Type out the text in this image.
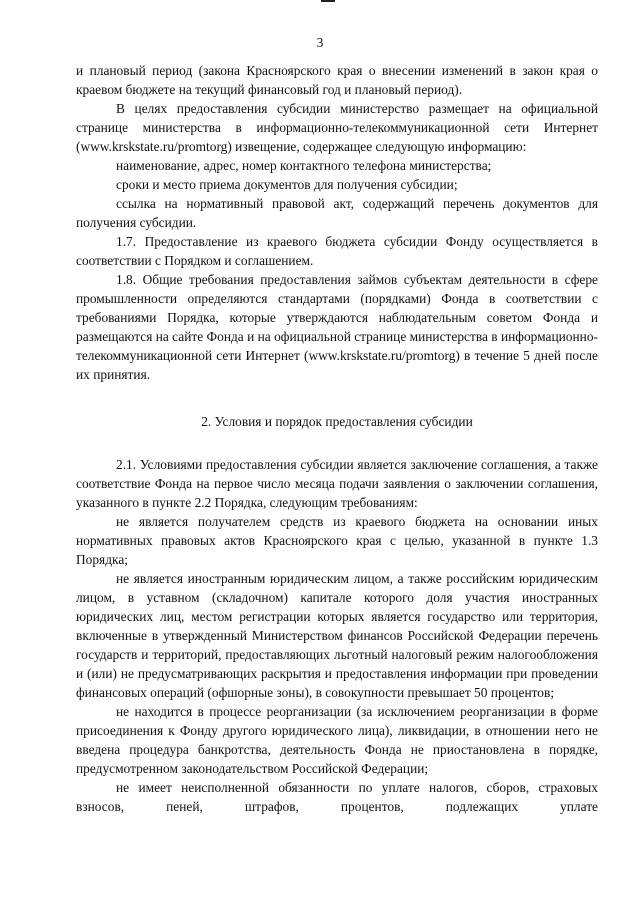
3

и плановый период (закона Красноярского края о внесении изменений в закон края о краевом бюджете на текущий финансовый год и плановый период).

В целях предоставления субсидии министерство размещает на официальной странице министерства в информационно-телекоммуникационной сети Интернет (www.krskstate.ru/promtorg) извещение, содержащее следующую информацию:

наименование, адрес, номер контактного телефона министерства;

сроки и место приема документов для получения субсидии;

ссылка на нормативный правовой акт, содержащий перечень документов для получения субсидии.

1.7. Предоставление из краевого бюджета субсидии Фонду осуществляется в соответствии с Порядком и соглашением.

1.8. Общие требования предоставления займов субъектам деятельности в сфере промышленности определяются стандартами (порядками) Фонда в соответствии с требованиями Порядка, которые утверждаются наблюдательным советом Фонда и размещаются на сайте Фонда и на официальной странице министерства в информационно-телекоммуникационной сети Интернет (www.krskstate.ru/promtorg) в течение 5 дней после их принятия.

2. Условия и порядок предоставления субсидии

2.1. Условиями предоставления субсидии является заключение соглашения, а также соответствие Фонда на первое число месяца подачи заявления о заключении соглашения, указанного в пункте 2.2 Порядка, следующим требованиям:

не является получателем средств из краевого бюджета на основании иных нормативных правовых актов Красноярского края с целью, указанной в пункте 1.3 Порядка;

не является иностранным юридическим лицом, а также российским юридическим лицом, в уставном (складочном) капитале которого доля участия иностранных юридических лиц, местом регистрации которых является государство или территория, включенные в утвержденный Министерством финансов Российской Федерации перечень государств и территорий, предоставляющих льготный налоговый режим налогообложения и (или) не предусматривающих раскрытия и предоставления информации при проведении финансовых операций (офшорные зоны), в совокупности превышает 50 процентов;

не находится в процессе реорганизации (за исключением реорганизации в форме присоединения к Фонду другого юридического лица), ликвидации, в отношении него не введена процедура банкротства, деятельность Фонда не приостановлена в порядке, предусмотренном законодательством Российской Федерации;

не имеет неисполненной обязанности по уплате налогов, сборов, страховых взносов, пеней, штрафов, процентов, подлежащих уплате
